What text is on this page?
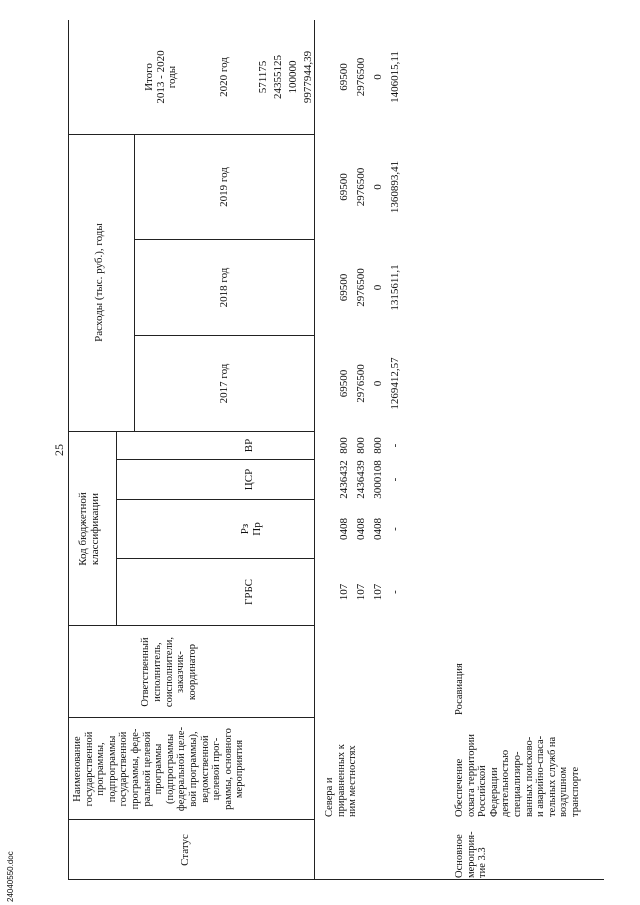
25
Статус
Наименование
государственной
программы,
подпрограммы
государственной
программы, феде-
ральной целевой
программы
(подпрограммы
федеральной целе-
вой программы),
ведомственной
целевой прог-
раммы, основного
мероприятия
Ответственный
исполнитель,
соисполнители,
заказчик-
координатор
Код бюджетной
классификации
ГРБС
Рз
Пр
ЦСР
ВР
Расходы (тыс. руб.), годы
2017 год
2018 год
2019 год
2020 год
Итого
2013 - 2020
годы
Севера и
приравненных к
ним местностях
107
0408
2436432
800
69500
69500
69500
69500
107
0408
2436439
800
2976500
2976500
2976500
2976500
107
0408
3000108
800
0
0
0
0
571175 24355125 100000
Основное
мероприя-
тие 3.3
Обеспечение
охвата территории
Российской
Федерации
деятельностью
специализиро-
ванных поисково-
и аварийно-спаса-
тельных служб на
воздушном
транспорте
Росавиация
-
-
-
-
1269412,57
1315611,1
1360893,41
1406015,11
9977944,39
24040550.doc
